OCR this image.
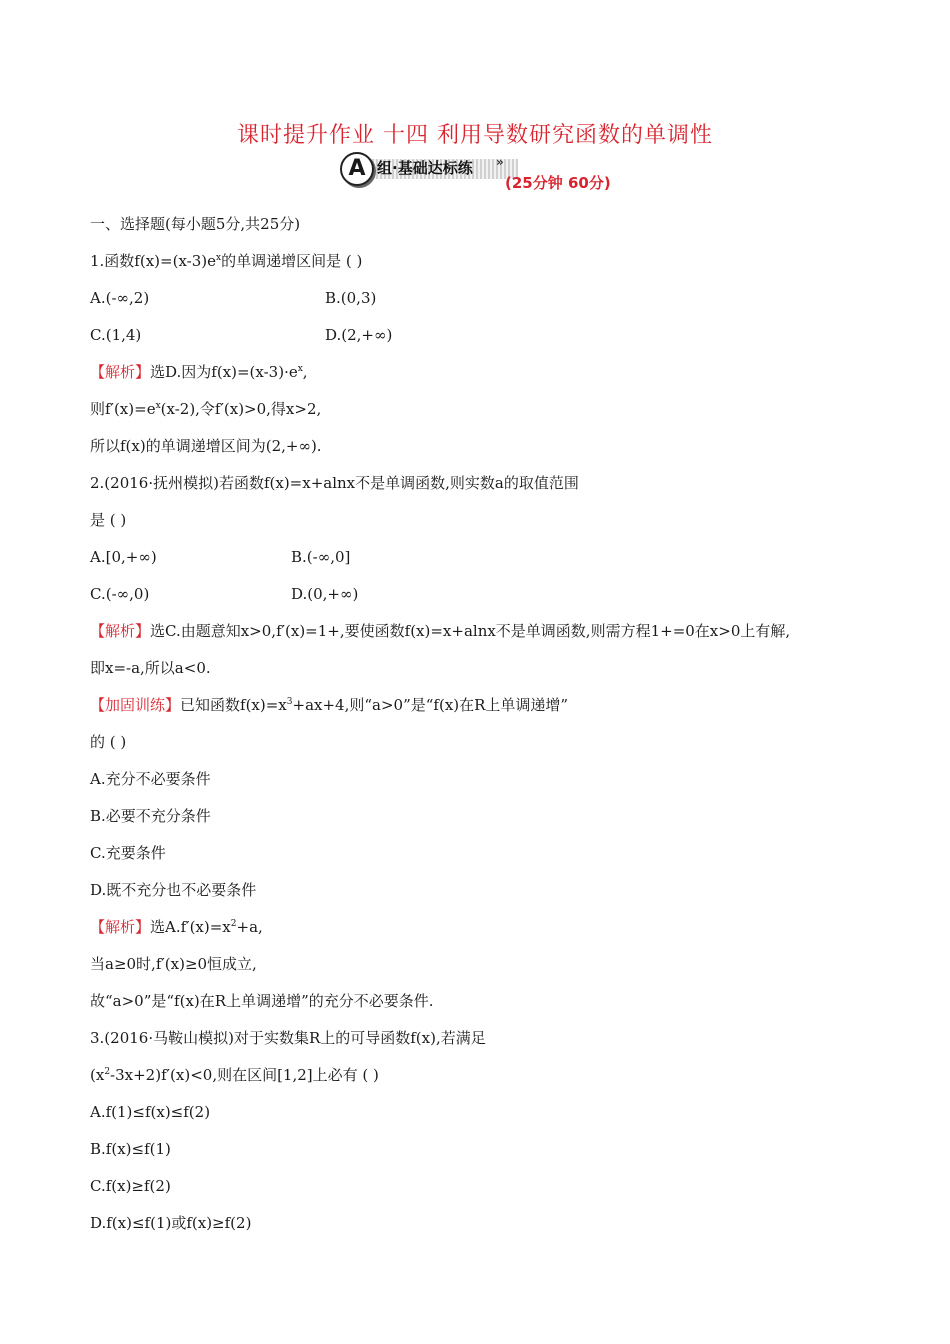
课时提升作业 十四 利用导数研究函数的单调性
A 组·基础达标练 »
(25分钟 60分)
一、选择题(每小题5分,共25分)
1.函数$f(x)=(x-3)e^x$的单调递增区间是 ( )
A.(-∞,2)	B.(0,3)
C.(1,4)	D.(2,+∞)
【解析】选D.因为$f(x)=(x-3)\cdot e^x$,
则$f'(x)=e^x(x-2)$,令f′(x)>0,得x>2,
所以f(x)的单调递增区间为(2,+∞).
2.(2016·抚州模拟)若函数f(x)=x+alnx不是单调函数,则实数a的取值范围
是 ( )
A.[0,+∞)	B.(-∞,0]
C.(-∞,0)	D.(0,+∞)
【解析】选C.由题意知x>0,f′(x)=1+,要使函数f(x)=x+alnx不是单调函数,则需方程1+=0在x>0上有解,
即x=-a,所以a<0.
【加固训练】已知函数$f(x)=x^3+ax+4$,则“a>0”是“f(x)在R上单调递增”
的 ( )
A.充分不必要条件
B.必要不充分条件
C.充要条件
D.既不充分也不必要条件
【解析】选$A.f'(x)=x^2+a$,
当a≥0时,f′(x)≥0恒成立,
故“a>0”是“f(x)在R上单调递增”的充分不必要条件.
3.(2016·马鞍山模拟)对于实数集R上的可导函数f(x),若满足
$(x^2-3x+2)f'(x)<0$,则在区间[1,2]上必有 ( )
A.f(1)≤f(x)≤f(2)
B.f(x)≤f(1)
C.f(x)≥f(2)
D.f(x)≤f(1)或f(x)≥f(2)
